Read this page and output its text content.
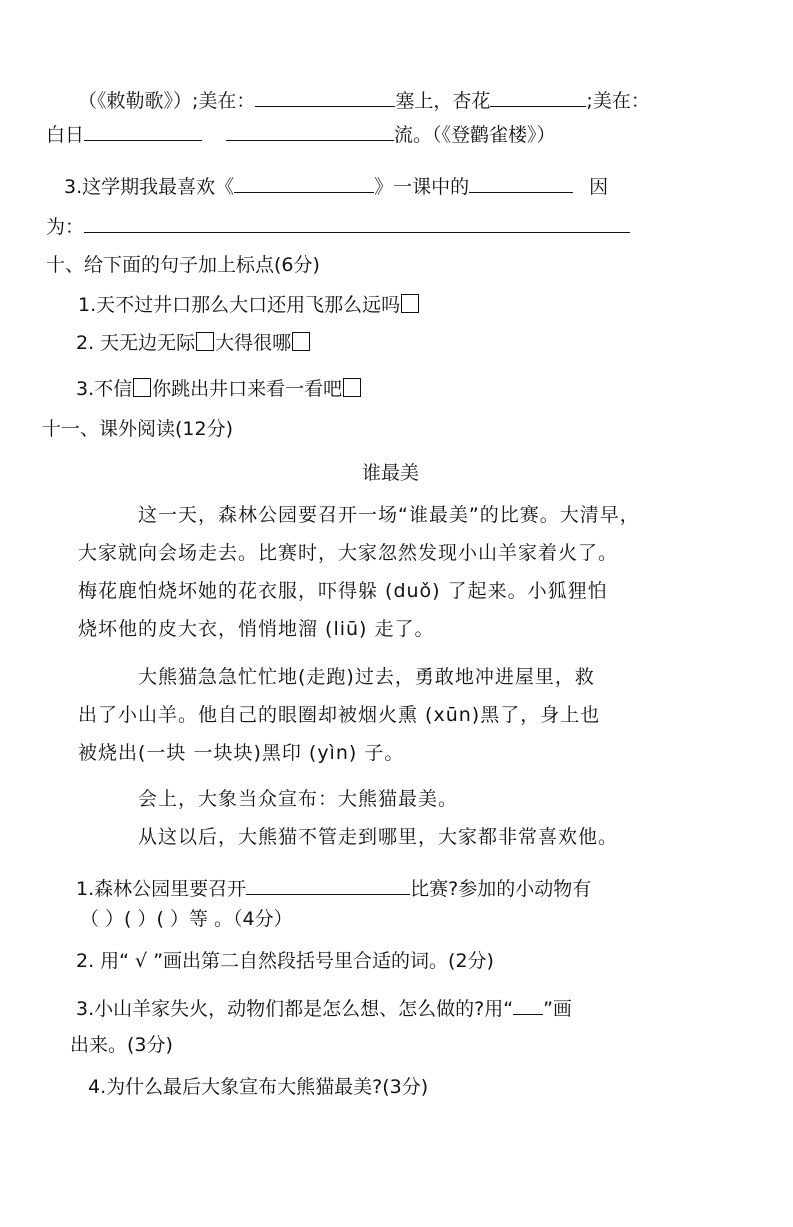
（《敕勒歌》）;美在：	塞上，杏花	;美在：
白日	流。（《登鹳雀楼》）
3.这学期我最喜欢《	》一课中的	因
为：
十、给下面的句子加上标点(6分)
1.天不过井口那么大口还用飞那么远吗
2. 天无边无际 大得很哪
3.不信 你跳出井口来看一看吧
十一、课外阅读(12分)
谁最美
这一天，森林公园要召开一场“谁最美”的比赛。大清早，
大家就向会场走去。比赛时，大家忽然发现小山羊家着火了。
梅花鹿怕烧坏她的花衣服，吓得躲 (duǒ) 了起来。小狐狸怕
烧坏他的皮大衣，悄悄地溜 (liū) 走了。
大熊猫急急忙忙地(走跑)过去，勇敢地冲进屋里，救
出了小山羊。他自己的眼圈却被烟火熏 (xūn)黑了，身上也
被烧出(一块 一块块)黑印 (yìn) 子。
会上，大象当众宣布：大熊猫最美。
从这以后，大熊猫不管走到哪里，大家都非常喜欢他。
1.森林公园里要召开	比赛?参加的小动物有
（ ）( ）( ）等 。（4分）
2. 用“ √ ”画出第二自然段括号里合适的词。(2分)
3.小山羊家失火，动物们都是怎么想、怎么做的?用“ ”画
出来。(3分)
4.为什么最后大象宣布大熊猫最美?(3分)
